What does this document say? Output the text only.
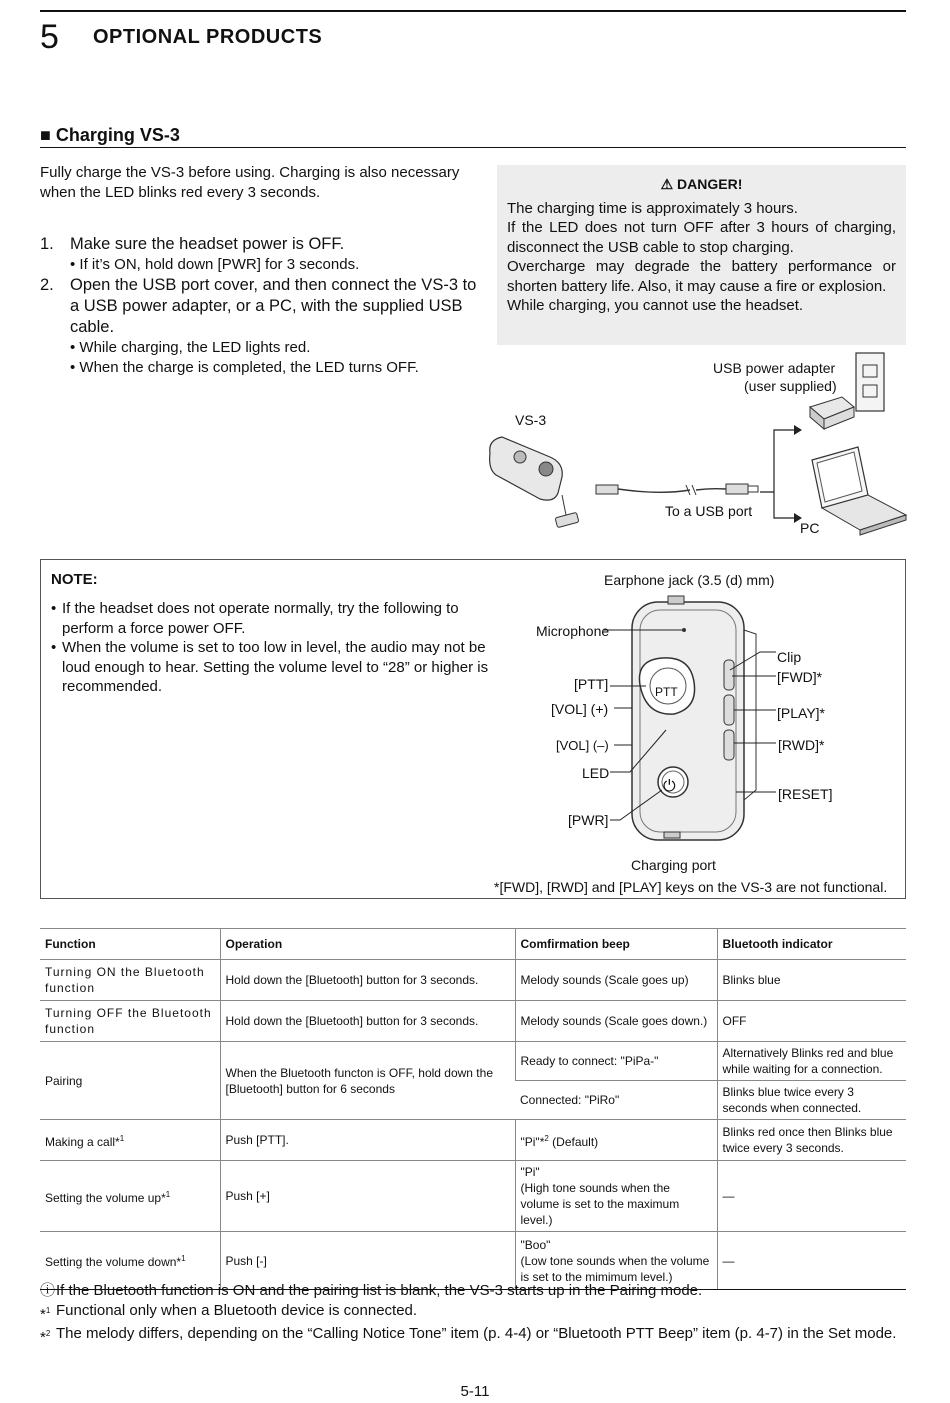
5 OPTIONAL PRODUCTS
■ Charging VS-3
Fully charge the VS-3 before using. Charging is also necessary when the LED blinks red every 3 seconds.
1. Make sure the headset power is OFF.
• If it’s ON, hold down [PWR] for 3 seconds.
2. Open the USB port cover, and then connect the VS-3 to a USB power adapter, or a PC, with the supplied USB cable.
• While charging, the LED lights red.
• When the charge is completed, the LED turns OFF.
⚠ DANGER!

The charging time is approximately 3 hours.

If the LED does not turn OFF after 3 hours of charging, disconnect the USB cable to stop charging.

Overcharge may degrade the battery performance or shorten battery life. Also, it may cause a fire or explosion.

While charging, you cannot use the headset.

USB power adapter
(user supplied)
VS-3
To a USB port
PC
NOTE:
• If the headset does not operate normally, try the following to perform a force power OFF.
• When the volume is set to too low in level, the audio may not be loud enough to hear. Setting the volume level to “28” or higher is recommended.
Earphone jack (3.5 (d) mm)
Microphone
[PTT]
[VOL] (+)
[VOL] (–)
LED
[PWR]
PTT
⏻
Clip
[FWD]*
[PLAY]*
[RWD]*
[RESET]
Charging port
*[FWD], [RWD] and [PLAY] keys on the VS-3 are not functional.
Function	Operation	Comfirmation beep	Bluetooth indicator
Turning ON the Bluetooth function	Hold down the [Bluetooth] button for 3 seconds.	Melody sounds (Scale goes up)	Blinks blue
Turning OFF the Bluetooth function	Hold down the [Bluetooth] button for 3 seconds.	Melody sounds (Scale goes down.)	OFF
Pairing	When the Bluetooth functon is OFF, hold down the [Bluetooth] button for 6 seconds	Ready to connect: "PiPa-"	Alternatively Blinks red and blue while waiting for a connection.
		Connected: "PiRo"	Blinks blue twice every 3 seconds when connected.
Making a call*$^1$	Push [PTT].	"Pi"*$^2$ (Default)	Blinks red once then Blinks blue twice every 3 seconds.
Setting the volume up*$^1$	Push [+]	"Pi"
(High tone sounds when the volume is set to the maximum level.)	—
Setting the volume down*$^1$	Push [-]	"Boo"
(Low tone sounds when the volume is set to the mimimum level.)	—
ⓘ If the Bluetooth function is ON and the pairing list is blank, the VS-3 starts up in the Pairing mode.
*$^1$ Functional only when a Bluetooth device is connected.
*$^2$ The melody differs, depending on the “Calling Notice Tone” item (p. 4-4) or “Bluetooth PTT Beep” item (p. 4-7) in the Set mode.
5-11
